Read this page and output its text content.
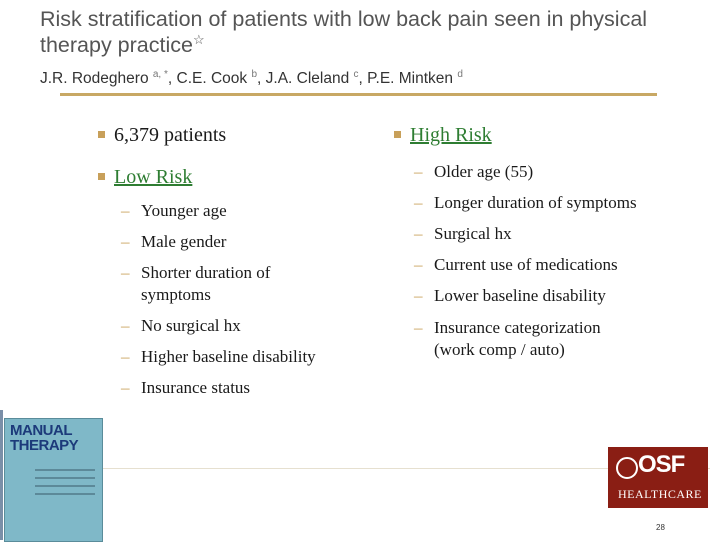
Risk stratification of patients with low back pain seen in physical
therapy practice☆
J.R. Rodeghero $^{a, *}$, C.E. Cook $^b$, J.A. Cleland $^c$, P.E. Mintken $^d$
6,379 patients
Low Risk
– Younger age
– Male gender
– Shorter duration of
symptoms
– No surgical hx
– Higher baseline disability
– Insurance status
High Risk
– Older age (55)
– Longer duration of symptoms
– Surgical hx
– Current use of medications
– Lower baseline disability
– Insurance categorization
(work comp / auto)
MANUAL
THERAPY
OSF
HEALTHCARE
28
